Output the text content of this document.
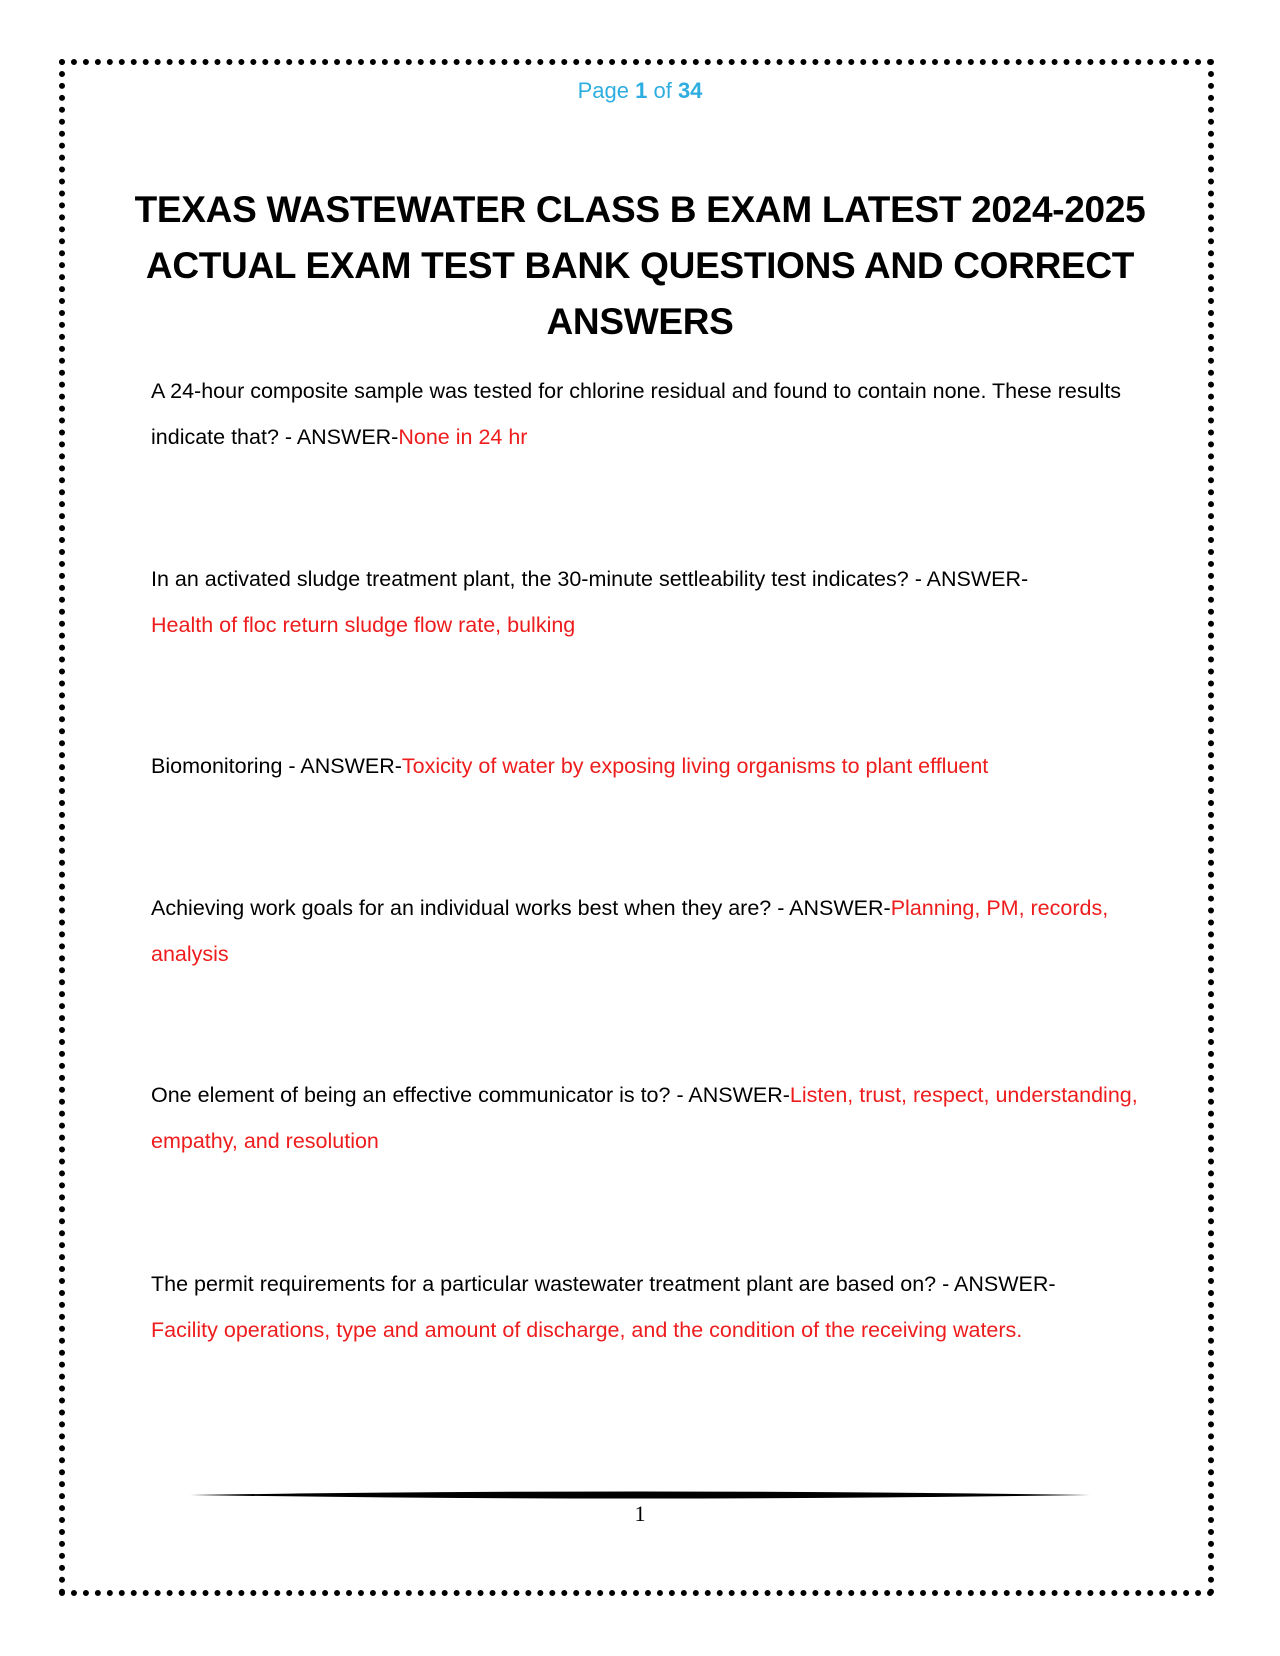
Page 1 of 34
TEXAS WASTEWATER CLASS B EXAM LATEST 2024-2025 ACTUAL EXAM TEST BANK QUESTIONS AND CORRECT ANSWERS
A 24-hour composite sample was tested for chlorine residual and found to contain none. These results indicate that? - ANSWER-None in 24 hr
In an activated sludge treatment plant, the 30-minute settleability test indicates? - ANSWER-
Health of floc return sludge flow rate, bulking
Biomonitoring - ANSWER-Toxicity of water by exposing living organisms to plant effluent
Achieving work goals for an individual works best when they are? - ANSWER-Planning, PM, records, analysis
One element of being an effective communicator is to? - ANSWER-Listen, trust, respect, understanding, empathy, and resolution
The permit requirements for a particular wastewater treatment plant are based on? - ANSWER-
Facility operations, type and amount of discharge, and the condition of the receiving waters.
1
